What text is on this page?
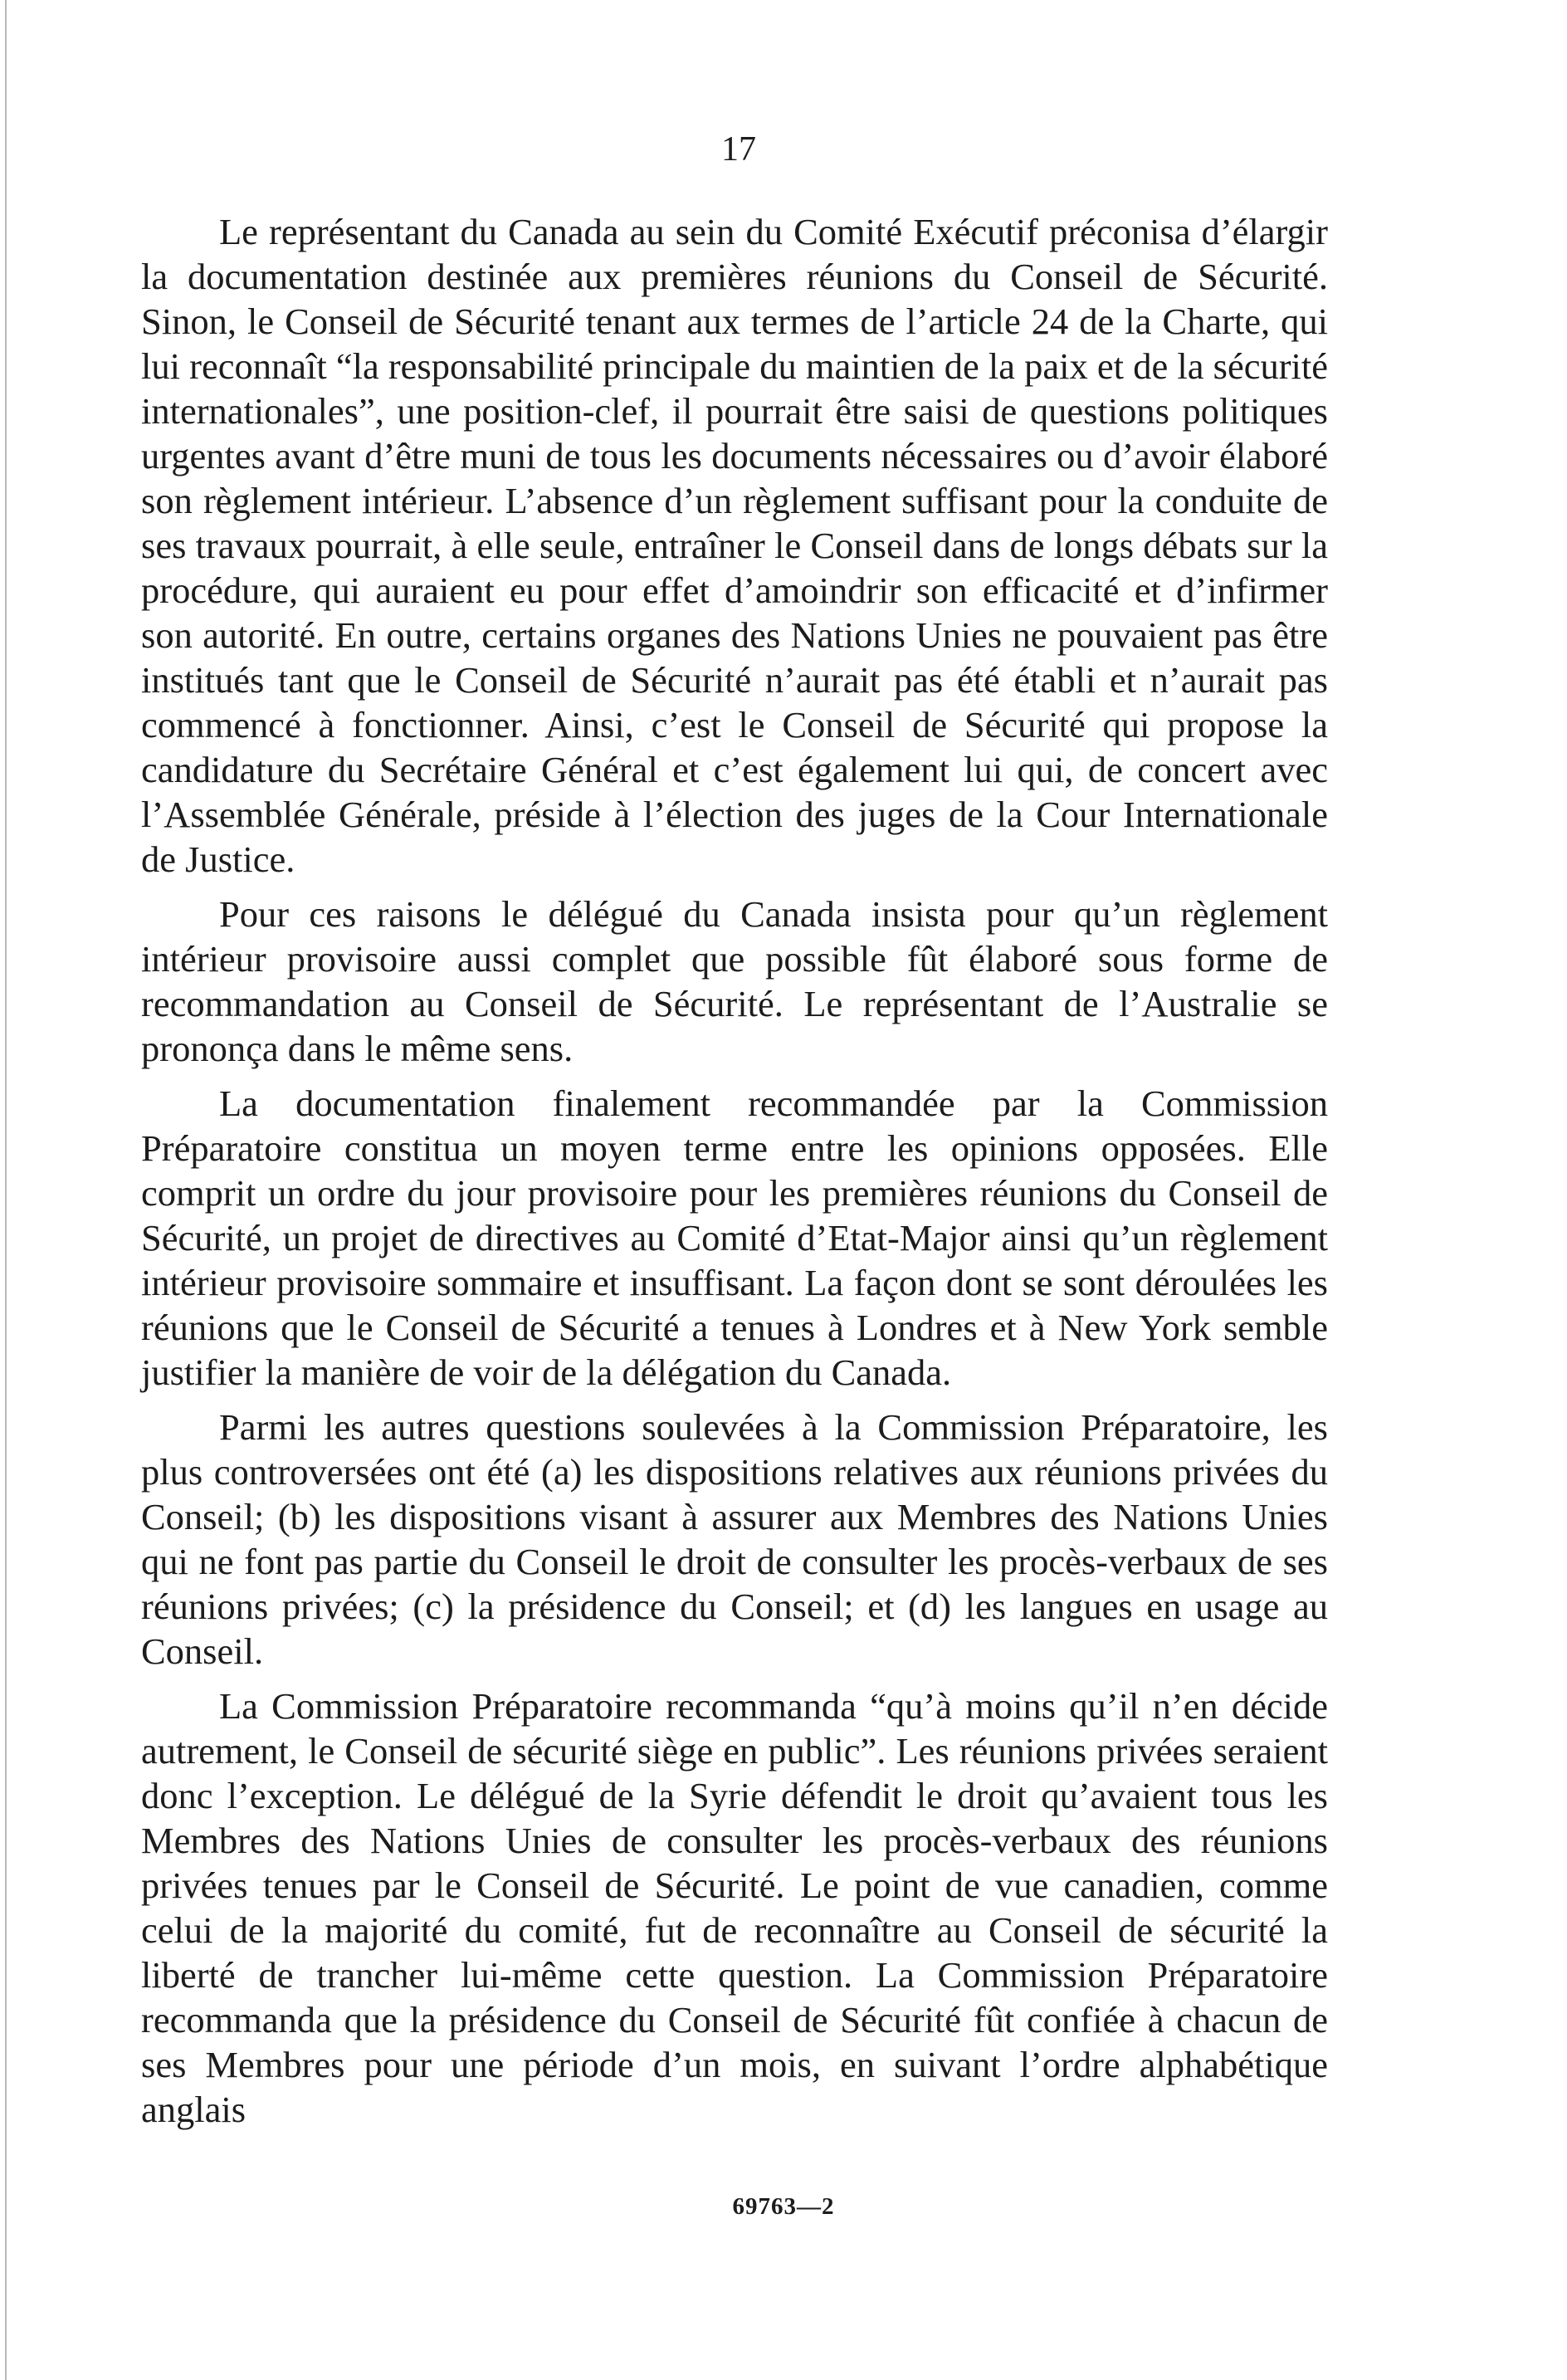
17

Le représentant du Canada au sein du Comité Exécutif préconisa d’élargir la documentation destinée aux premières réunions du Conseil de Sécurité. Sinon, le Conseil de Sécurité tenant aux termes de l’article 24 de la Charte, qui lui reconnaît “la responsabilité principale du maintien de la paix et de la sécurité internationales”, une position-clef, il pourrait être saisi de questions politiques urgentes avant d’être muni de tous les documents nécessaires ou d’avoir élaboré son règlement intérieur. L’absence d’un règlement suffisant pour la conduite de ses travaux pourrait, à elle seule, entraîner le Conseil dans de longs débats sur la procédure, qui auraient eu pour effet d’amoindrir son efficacité et d’infirmer son autorité. En outre, certains organes des Nations Unies ne pouvaient pas être institués tant que le Conseil de Sécurité n’aurait pas été établi et n’aurait pas commencé à fonctionner. Ainsi, c’est le Conseil de Sécurité qui propose la candidature du Secrétaire Général et c’est également lui qui, de concert avec l’Assemblée Générale, préside à l’élection des juges de la Cour Internationale de Justice.

Pour ces raisons le délégué du Canada insista pour qu’un règlement intérieur provisoire aussi complet que possible fût élaboré sous forme de recommandation au Conseil de Sécurité. Le représentant de l’Australie se prononça dans le même sens.

La documentation finalement recommandée par la Commission Préparatoire constitua un moyen terme entre les opinions opposées. Elle comprit un ordre du jour provisoire pour les premières réunions du Conseil de Sécurité, un projet de directives au Comité d’Etat-Major ainsi qu’un règlement intérieur provisoire sommaire et insuffisant. La façon dont se sont déroulées les réunions que le Conseil de Sécurité a tenues à Londres et à New York semble justifier la manière de voir de la délégation du Canada.

Parmi les autres questions soulevées à la Commission Préparatoire, les plus controversées ont été (a) les dispositions relatives aux réunions privées du Conseil; (b) les dispositions visant à assurer aux Membres des Nations Unies qui ne font pas partie du Conseil le droit de consulter les procès-verbaux de ses réunions privées; (c) la présidence du Conseil; et (d) les langues en usage au Conseil.

La Commission Préparatoire recommanda “qu’à moins qu’il n’en décide autrement, le Conseil de sécurité siège en public”. Les réunions privées seraient donc l’exception. Le délégué de la Syrie défendit le droit qu’avaient tous les Membres des Nations Unies de consulter les procès-verbaux des réunions privées tenues par le Conseil de Sécurité. Le point de vue canadien, comme celui de la majorité du comité, fut de reconnaître au Conseil de sécurité la liberté de trancher lui-même cette question. La Commission Préparatoire recommanda que la présidence du Conseil de Sécurité fût confiée à chacun de ses Membres pour une période d’un mois, en suivant l’ordre alphabétique anglais

69763—2
